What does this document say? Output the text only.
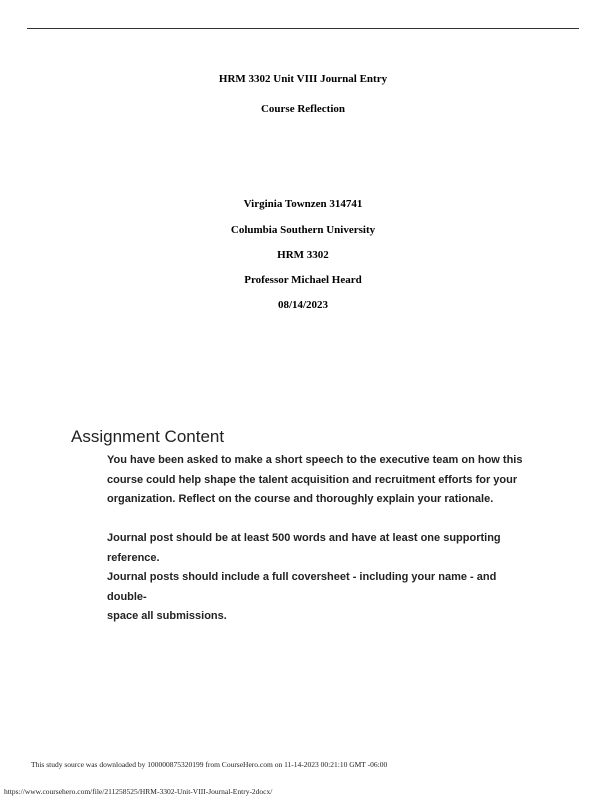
HRM 3302 Unit VIII Journal Entry
Course Reflection
Virginia Townzen 314741
Columbia Southern University
HRM 3302
Professor Michael Heard
08/14/2023
Assignment Content
You have been asked to make a short speech to the executive team on how this
course could help shape the talent acquisition and recruitment efforts for your
organization. Reflect on the course and thoroughly explain your rationale.
Journal post should be at least 500 words and have at least one supporting reference.
Journal posts should include a full coversheet - including your name - and double-
space all submissions.
This study source was downloaded by 100000875320199 from CourseHero.com on 11-14-2023 00:21:10 GMT -06:00
https://www.coursehero.com/file/211258525/HRM-3302-Unit-VIII-Journal-Entry-2docx/
